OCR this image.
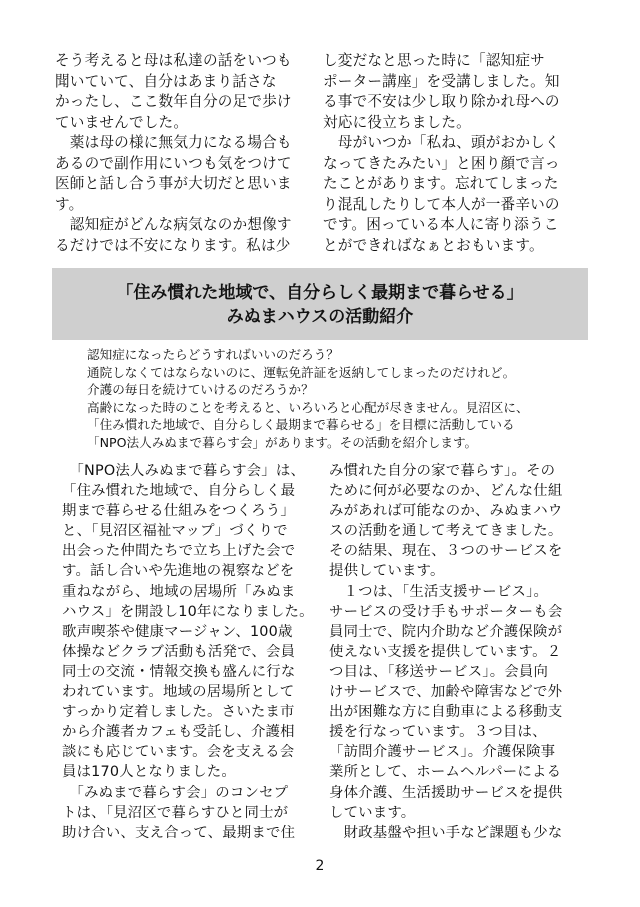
そう考えると母は私達の話をいつも
聞いていて、自分はあまり話さな
かったし、ここ数年自分の足で歩け
ていませんでした。
　薬は母の様に無気力になる場合も
あるので副作用にいつも気をつけて
医師と話し合う事が大切だと思いま
す。
　認知症がどんな病気なのか想像す
るだけでは不安になります。私は少
し変だなと思った時に「認知症サ
ポーター講座」を受講しました。知
る事で不安は少し取り除かれ母への
対応に役立ちました。
　母がいつか「私ね、頭がおかしく
なってきたみたい」と困り顔で言っ
たことがあります。忘れてしまった
り混乱したりして本人が一番辛いの
です。困っている本人に寄り添うこ
とができればなぁとおもいます。
「住み慣れた地域で、自分らしく最期まで暮らせる」
みぬまハウスの活動紹介
認知症になったらどうすればいいのだろう？
通院しなくてはならないのに、運転免許証を返納してしまったのだけれど。
介護の毎日を続けていけるのだろうか？
高齢になった時のことを考えると、いろいろと心配が尽きません。見沼区に、
「住み慣れた地域で、自分らしく最期まで暮らせる」を目標に活動している
「NPO法人みぬまで暮らす会」があります。その活動を紹介します。
　「NPO法人みぬまで暮らす会」は、
「住み慣れた地域で、自分らしく最
期まで暮らせる仕組みをつくろう」
と、「見沼区福祉マップ」づくりで
出会った仲間たちで立ち上げた会で
す。話し合いや先進地の視察などを
重ねながら、地域の居場所「みぬま
ハウス」を開設し10年になりました。
歌声喫茶や健康マージャン、100歳
体操などクラブ活動も活発で、会員
同士の交流・情報交換も盛んに行な
われています。地域の居場所として
すっかり定着しました。さいたま市
から介護者カフェも受託し、介護相
談にも応じています。会を支える会
員は170人となりました。
　「みぬまで暮らす会」のコンセプ
トは、「見沼区で暮らすひと同士が
助け合い、支え合って、最期まで住
み慣れた自分の家で暮らす」。その
ために何が必要なのか、どんな仕組
みがあれば可能なのか、みぬまハウ
スの活動を通して考えてきました。
その結果、現在、３つのサービスを
提供しています。
　１つは、「生活支援サービス」。
サービスの受け手もサポーターも会
員同士で、院内介助など介護保険が
使えない支援を提供しています。２
つ目は、「移送サービス」。会員向
けサービスで、加齢や障害などで外
出が困難な方に自動車による移動支
援を行なっています。３つ目は、
「訪問介護サービス」。介護保険事
業所として、ホームヘルパーによる
身体介護、生活援助サービスを提供
しています。
　財政基盤や担い手など課題も少な
2
